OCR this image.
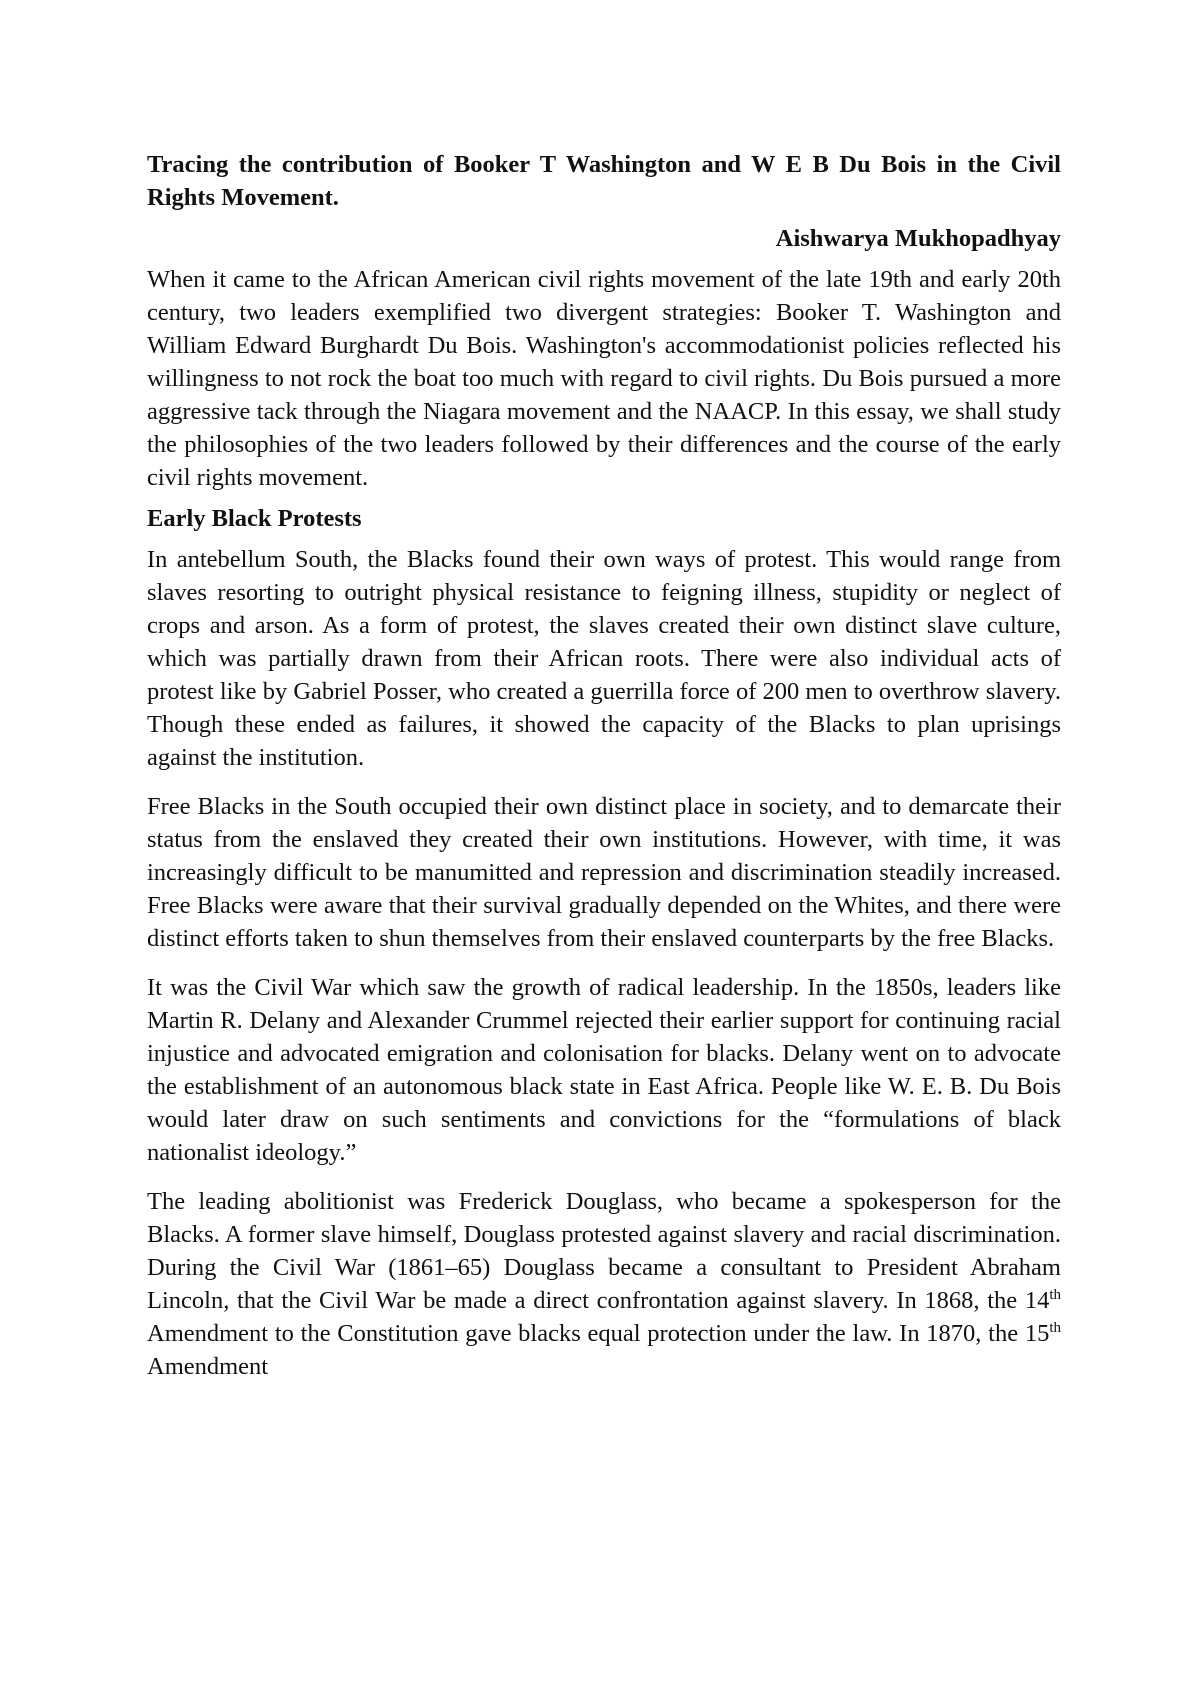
Tracing the contribution of Booker T Washington and W E B Du Bois in the Civil Rights Movement.
Aishwarya Mukhopadhyay
When it came to the African American civil rights movement of the late 19th and early 20th century, two leaders exemplified two divergent strategies: Booker T. Washington and William Edward Burghardt Du Bois. Washington's accommodationist policies reflected his willingness to not rock the boat too much with regard to civil rights. Du Bois pursued a more aggressive tack through the Niagara movement and the NAACP. In this essay, we shall study the philosophies of the two leaders followed by their differences and the course of the early civil rights movement.
Early Black Protests
In antebellum South, the Blacks found their own ways of protest. This would range from slaves resorting to outright physical resistance to feigning illness, stupidity or neglect of crops and arson. As a form of protest, the slaves created their own distinct slave culture, which was partially drawn from their African roots. There were also individual acts of protest like by Gabriel Posser, who created a guerrilla force of 200 men to overthrow slavery. Though these ended as failures, it showed the capacity of the Blacks to plan uprisings against the institution.
Free Blacks in the South occupied their own distinct place in society, and to demarcate their status from the enslaved they created their own institutions. However, with time, it was increasingly difficult to be manumitted and repression and discrimination steadily increased. Free Blacks were aware that their survival gradually depended on the Whites, and there were distinct efforts taken to shun themselves from their enslaved counterparts by the free Blacks.
It was the Civil War which saw the growth of radical leadership. In the 1850s, leaders like Martin R. Delany and Alexander Crummel rejected their earlier support for continuing racial injustice and advocated emigration and colonisation for blacks. Delany went on to advocate the establishment of an autonomous black state in East Africa. People like W. E. B. Du Bois would later draw on such sentiments and convictions for the “formulations of black nationalist ideology.”
The leading abolitionist was Frederick Douglass, who became a spokesperson for the Blacks. A former slave himself, Douglass protested against slavery and racial discrimination. During the Civil War (1861–65) Douglass became a consultant to President Abraham Lincoln, that the Civil War be made a direct confrontation against slavery. In 1868, the 14th Amendment to the Constitution gave blacks equal protection under the law. In 1870, the 15th Amendment
